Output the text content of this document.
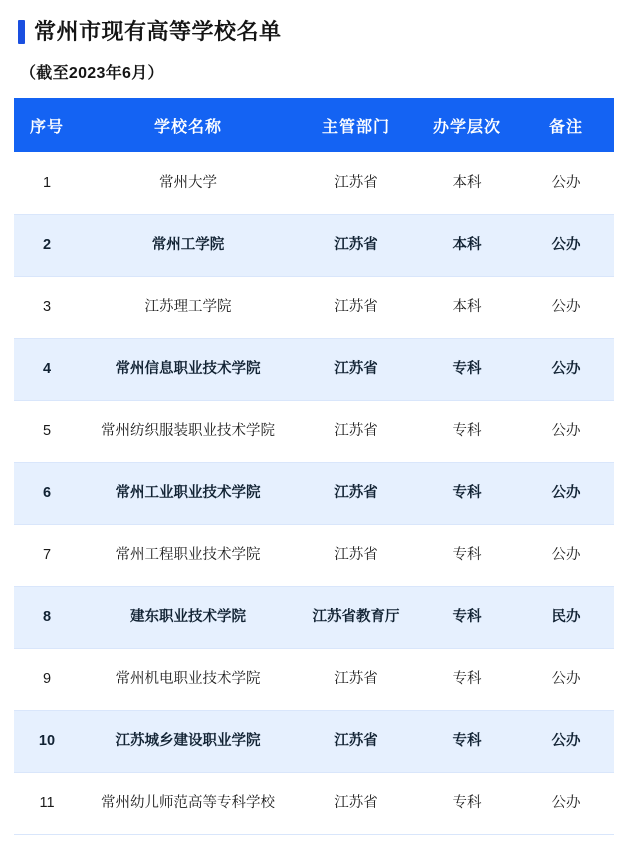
常州市现有高等学校名单
（截至2023年6月）
序号	学校名称	主管部门	办学层次	备注
1	常州大学	江苏省	本科	公办
2	常州工学院	江苏省	本科	公办
3	江苏理工学院	江苏省	本科	公办
4	常州信息职业技术学院	江苏省	专科	公办
5	常州纺织服装职业技术学院	江苏省	专科	公办
6	常州工业职业技术学院	江苏省	专科	公办
7	常州工程职业技术学院	江苏省	专科	公办
8	建东职业技术学院	江苏省教育厅	专科	民办
9	常州机电职业技术学院	江苏省	专科	公办
10	江苏城乡建设职业学院	江苏省	专科	公办
11	常州幼儿师范高等专科学校	江苏省	专科	公办
